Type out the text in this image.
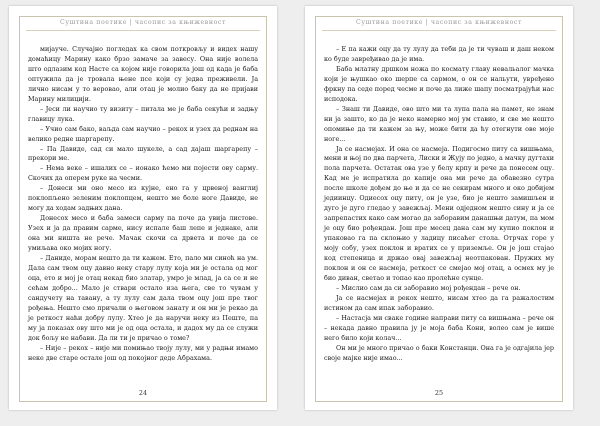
Суштина поетике | часопис за књижевност

мијауче. Случајно погледах ка свом поткровљу и видех нашу домаћицу Марину како брзо замаче за завесу. Она није волела што одлазим код Насте са којом није говорила још од када је баба оптужила да је тровала њене псе који су једва преживели. Ја лично нисам у то веровао, али отац је молио баку да не пријави Марину милицији.

– Јеси ли научио ту визиту – питала ме је баба секући и задњу главицу лука.

– Учио сам бако, ваљда сам научио – рекох и узех да реднам на велико редне шаргарепу.

– Па Давиде, сад си мало шукеле, а сад дајаш шаргарепу – прекори ме.

– Нема веке – ишалих се – ионако ћемо ми појести ову сарму. Скочих да оперем руке на чесми.

– Донеси ми оно месо из кујне, ено га у црвеној ванглиј поклопљено зеленим поклопцем, нешто ме боле ноге Давиде, не могу да ходам задњих дана.

Донесох месо и баба замеси сарму па поче да увија листове. Узех и ја да правим сарме, нису испале баш лепе и једнаке, али она ми ништа не рече. Мачак скочи са дрвета и поче да се умиљава око мојих ногу.

– Даниде, морам нешто да ти кажем. Ето, пало ми синоћ на ум. Дала сам твом оцу давно неку стару лулу која ми је остала од мог оца, ето и мој је отац некад био златар, умро је млад, ја са се и не сећам добро... Мало је ствари остало иза њега, све то чувам у сандучету на тавану, а ту лулу сам дала твом оцу још пре твог рођења. Нешто смо причали о његовом занату и он ми је рекао да је реткост наћи добру лулу. Хтео је да наручи неку из Пеште, па му ја показах ову што ми је од оца остала, и дадох му да се служи док бољу не набави. Да ли ти је причао о томе?

– Није – рекох – није ми помињао твоју лулу, ми у радњи имамо неке две старе остале још од покојног деде Абрахама.

24
Суштина поетике | часопис за књижевност

– Е па кажи оцу да ту лулу да теби да је ти чуваш и даш неком ко буде завређивао да је има.

Баба млатну дршком ножа по космату главу невальалог мачка који је њушкао око шерпе са сармом, о он се нальути, увређено фркну па седе поред чесме и поче да лиже шапу посматрајући нас исподока.

– Знаш ти Давиде, ово што ми та лупа пала на памет, не знам ни ја зашто, ко да је неко намерно мој ум ставио, и све ме нешто опомиње да ти кажем за њу, може бити да ћу отегнути ове моје ноге...

Ја се насмејах. И она се насмеја. Подигосмо питу са вишњама, мени и њој по два парчета, Лиски и Жују по једно, а мачку дугтахи пола парчета. Остатак ова узе у белу крпу и рече да понесем оцу. Кад ме је испратила до капије она ми рече да обавезно сутра после школе дођем до ње и да се не секирам много и око добијем једиинцу. Одиесох оцу питу, он је узе, био је нешто замишљен и дуго је дуго гледао у завежљај. Мени одједном нешто сину и ја се запрепастих како сам могао да заборавим данашњи датум, па мом је оцу био рођендан. Још пре месец дана сам му купио поклон и упаковао га па склоњио у ладицу писаћег стола. Отрчах горе у моју собу, узех поклон и вратих се у приземље. Он је још стајао код степеница и држао овај завежљај неотпакован. Пружих му поклон и он се насмеја, реткост се смејао мој отац, а осмех му је био диван, светао и топао као пролећне сунце.

– Мислио сам да си заборавио мој рођендан – рече он.

Ја се насмејах и рекох нешто, нисам хтео да га ражалостим истином да сам ипак заборавио.

– Настасја ми сваке године направи питу са вишњама – рече он – некада давно правила ју је моја баба Кони, волео сам је више него било који колач...

Он ми је много причао о баки Констанци. Она га је одгајила јер своје мајке није имао...

25
